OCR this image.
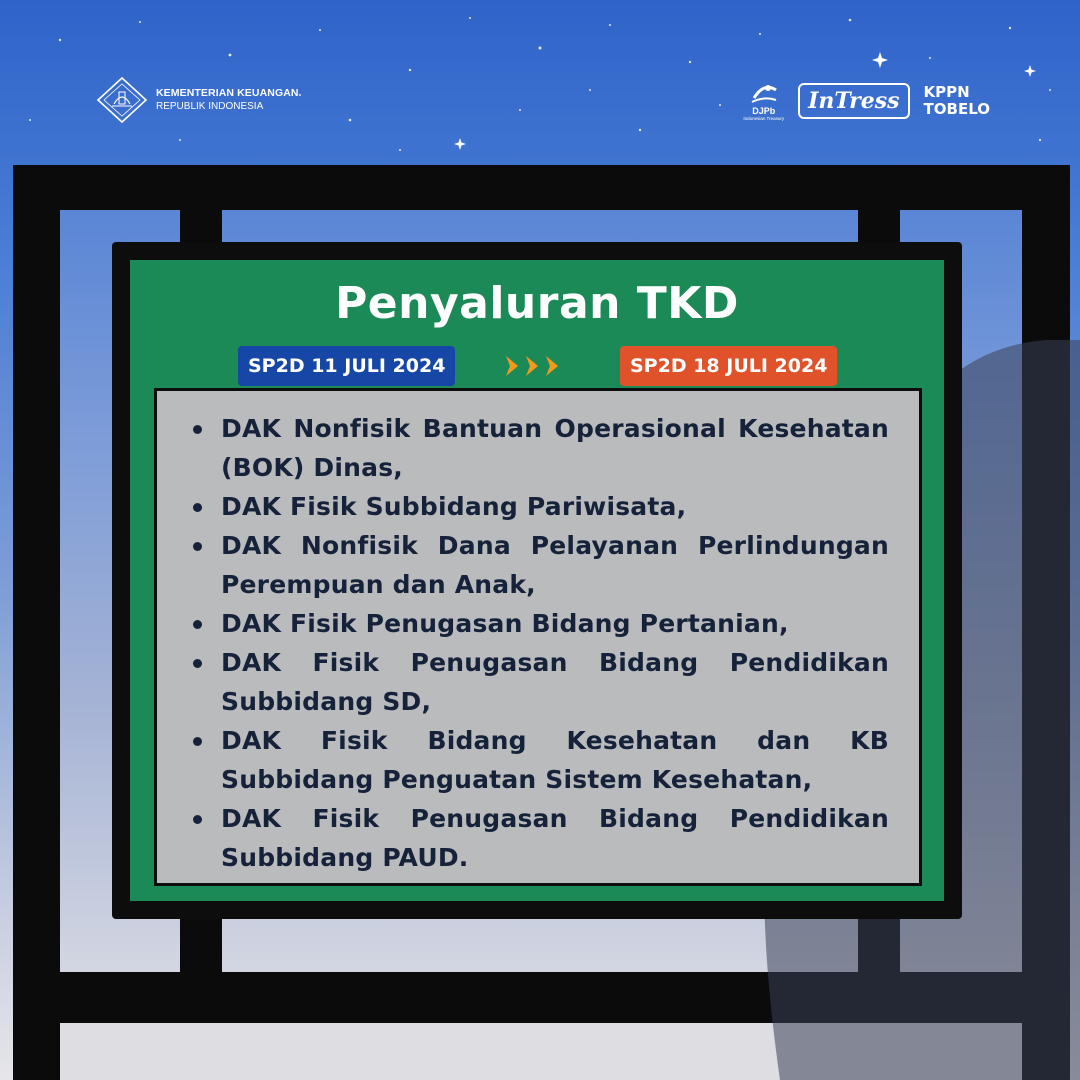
KEMENTERIAN KEUANGAN
REPUBLIK INDONESIA	DJPb
Indonesian Treasury
InTress	KPPN
TOBELO
Penyaluran TKD
SP2D 11 JULI 2024	SP2D 18 JULI 2024
DAK Nonfisik Bantuan Operasional Kesehatan (BOK) Dinas,
DAK Fisik Subbidang Pariwisata,
DAK Nonfisik Dana Pelayanan Perlindungan Perempuan dan Anak,
DAK Fisik Penugasan Bidang Pertanian,
DAK Fisik Penugasan Bidang Pendidikan Subbidang SD,
DAK Fisik Bidang Kesehatan dan KB Subbidang Penguatan Sistem Kesehatan,
DAK Fisik Penugasan Bidang Pendidikan Subbidang PAUD.
